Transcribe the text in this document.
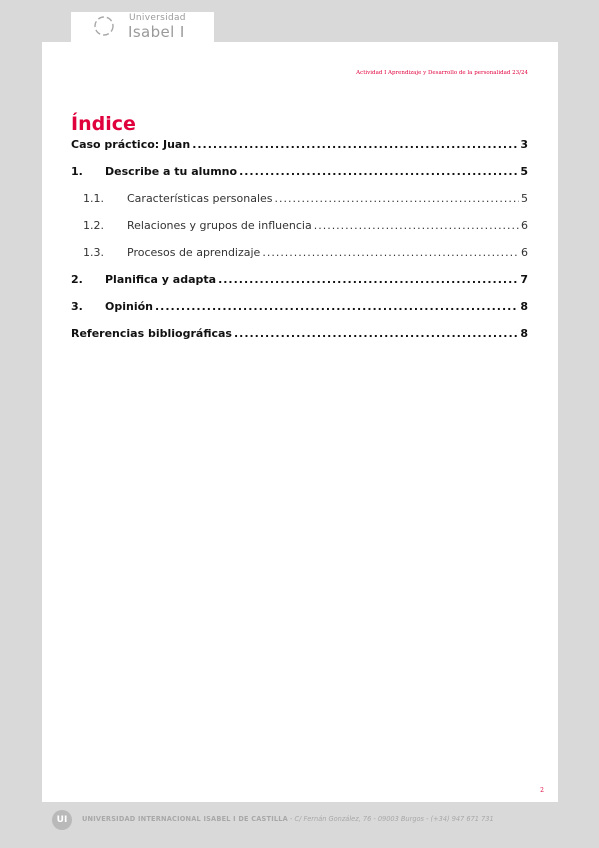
Universidad
Isabel I
Actividad I Aprendizaje y Desarrollo de la personalidad 23/24
Índice
Caso práctico: Juan .....	3
1.	Describe a tu alumno .....	5
1.1.	Características personales .....	5
1.2.	Relaciones y grupos de influencia .....	6
1.3.	Procesos de aprendizaje .....	6
2.	Planifica y adapta .....	7
3.	Opinión .....	8
Referencias bibliográficas .....	8
2
UI	UNIVERSIDAD INTERNACIONAL ISABEL I DE CASTILLA - C/ Fernán González, 76 - 09003 Burgos - (+34) 947 671 731
